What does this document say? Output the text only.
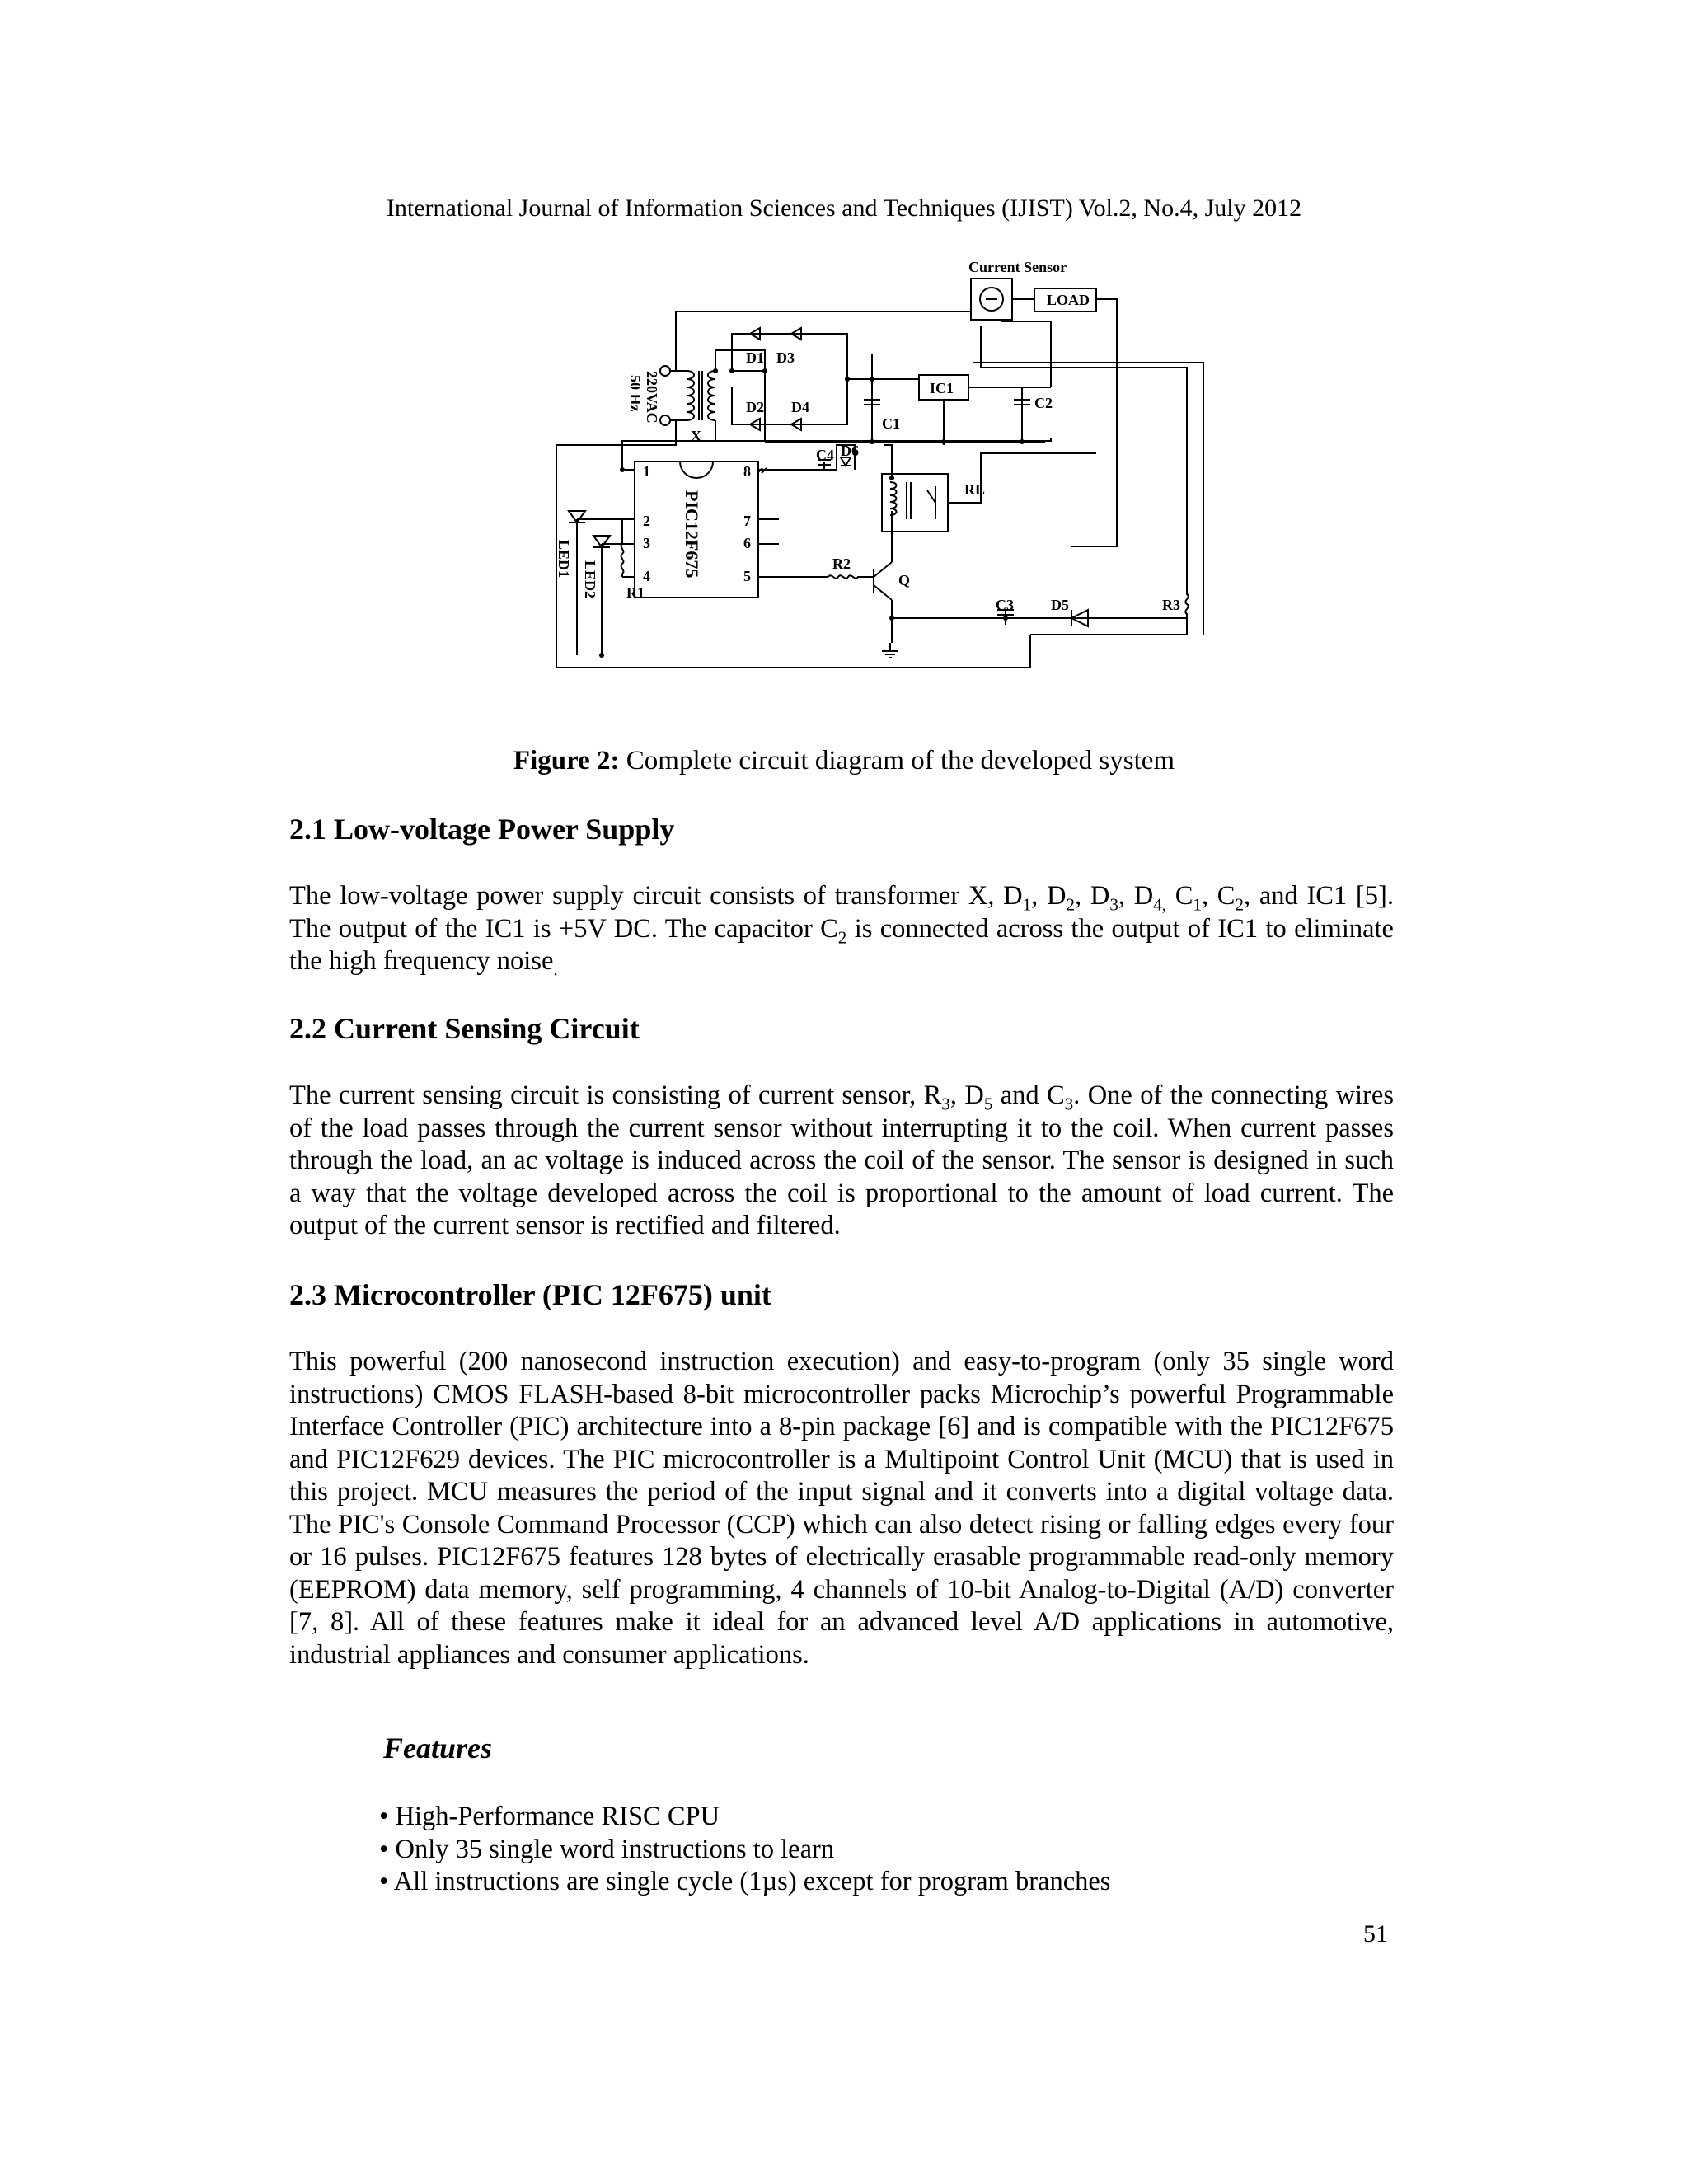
International Journal of Information Sciences and Techniques (IJIST) Vol.2, No.4, July 2012
Current Sensor
LOAD
220VAC
50 Hz
X
D1 D3
D2 D4
C1
IC1
C2
C4 D6
RL
R2
Q
R1
C3	D5	R3
LED1
LED2
1
2
3
4	5
6
7
8
PIC12F675
Figure 2: Complete circuit diagram of the developed system
2.1 Low-voltage Power Supply

The low-voltage power supply circuit consists of transformer X, $D_1$, $D_2$, $D_3$, $D_{4,}$ $C_1$, $C_2$, and IC1 [5]. The output of the IC1 is +5V DC. The capacitor $C_2$ is connected across the output of IC1 to eliminate the high frequency noise$_.$

2.2 Current Sensing Circuit

The current sensing circuit is consisting of current sensor, $R_3$, $D_5$ and $C_3$. One of the connecting wires of the load passes through the current sensor without interrupting it to the coil. When current passes through the load, an ac voltage is induced across the coil of the sensor. The sensor is designed in such a way that the voltage developed across the coil is proportional to the amount of load current. The output of the current sensor is rectified and filtered.

2.3 Microcontroller (PIC 12F675) unit

This powerful (200 nanosecond instruction execution) and easy-to-program (only 35 single word instructions) CMOS FLASH-based 8-bit microcontroller packs Microchip’s powerful Programmable Interface Controller (PIC) architecture into a 8-pin package [6] and is compatible with the PIC12F675 and PIC12F629 devices. The PIC microcontroller is a Multipoint Control Unit (MCU) that is used in this project. MCU measures the period of the input signal and it converts into a digital voltage data. The PIC's Console Command Processor (CCP) which can also detect rising or falling edges every four or 16 pulses. PIC12F675 features 128 bytes of electrically erasable programmable read-only memory (EEPROM) data memory, self programming, 4 channels of 10-bit Analog-to-Digital (A/D) converter [7, 8]. All of these features make it ideal for an advanced level A/D applications in automotive, industrial appliances and consumer applications.

Features
• High-Performance RISC CPU
• Only 35 single word instructions to learn
• All instructions are single cycle (1µs) except for program branches
51
